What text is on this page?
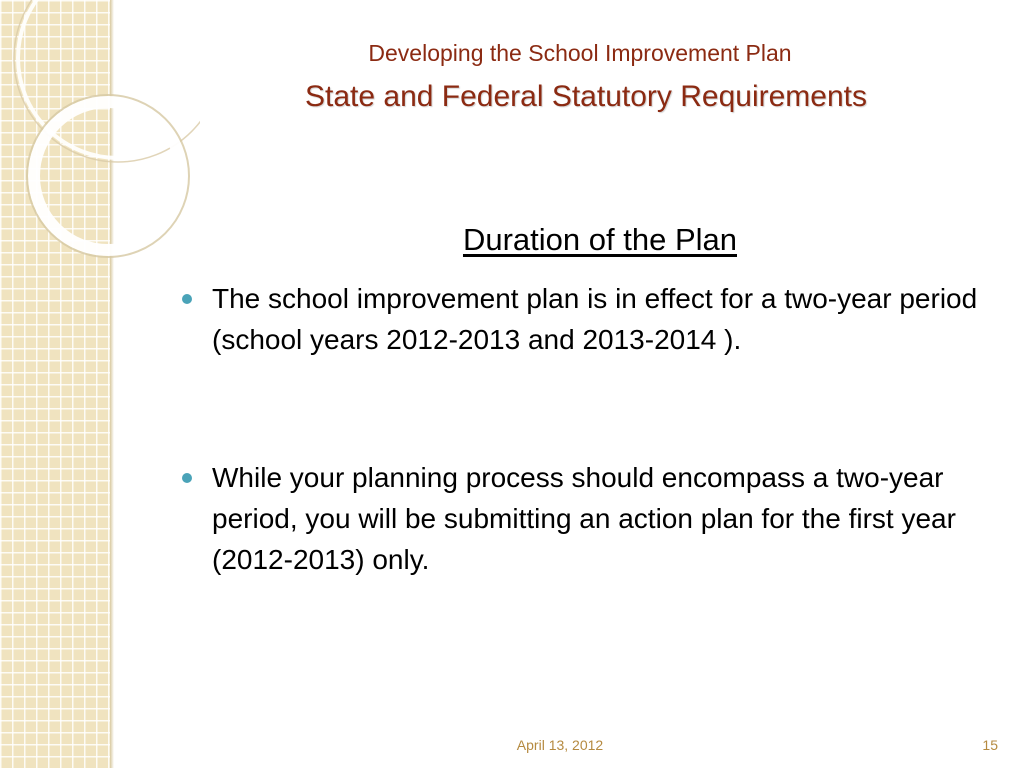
Developing the School Improvement Plan
State and Federal Statutory Requirements
Duration of the Plan
The school improvement plan is in effect for a two-year period (school years 2012-2013 and 2013-2014 ).
While your planning process should encompass a two-year period, you will be submitting an action plan for the first year (2012-2013) only.
April 13, 2012	15
